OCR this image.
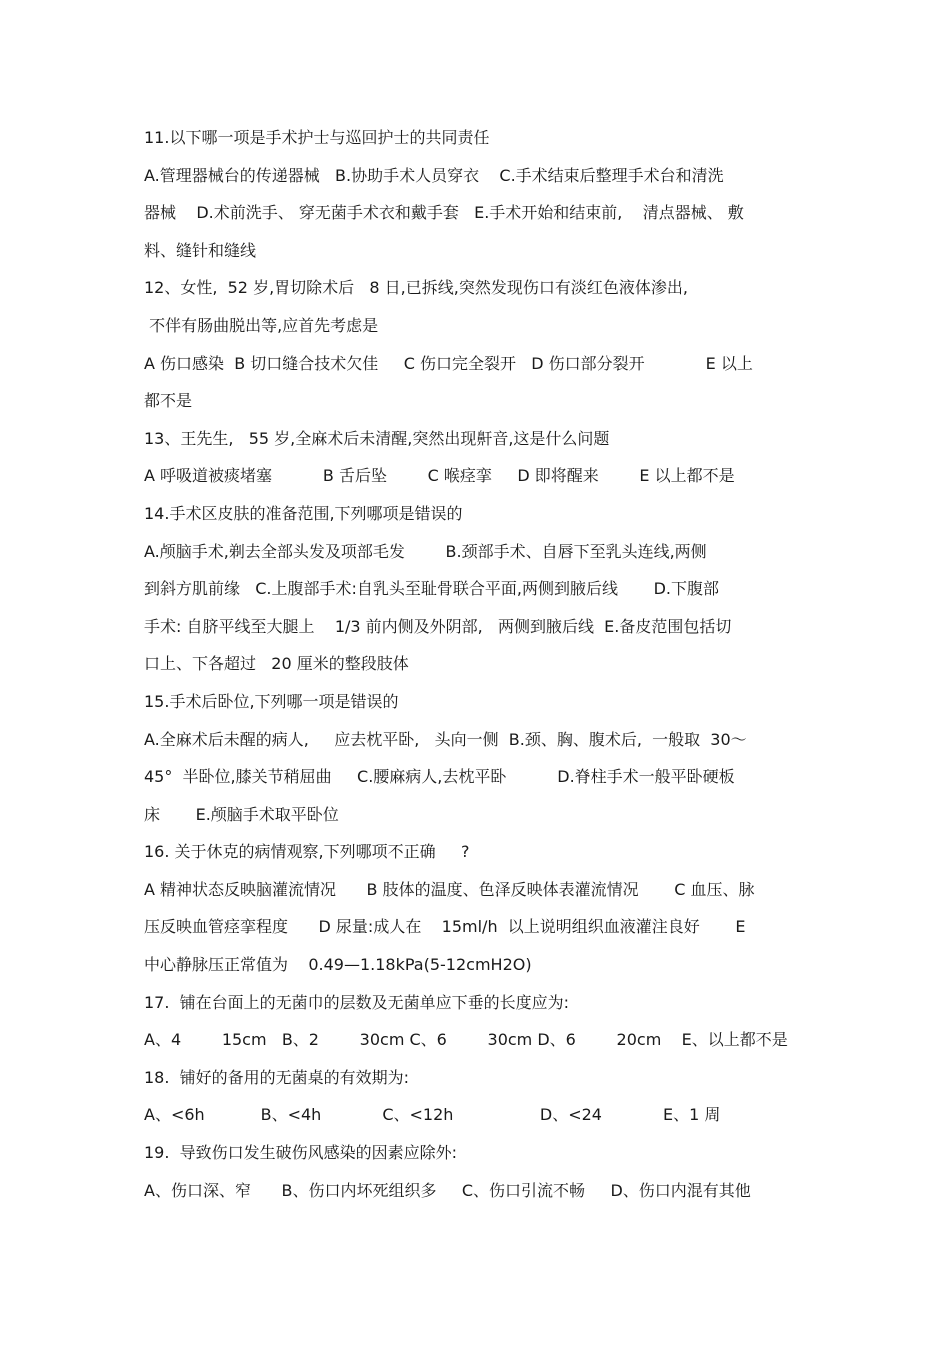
11.以下哪一项是手术护士与巡回护士的共同责任
A.管理器械台的传递器械   B.协助手术人员穿衣    C.手术结束后整理手术台和清洗
器械    D.术前洗手、 穿无菌手术衣和戴手套   E.手术开始和结束前,    清点器械、 敷
料、缝针和缝线
12、女性,  52 岁,胃切除术后   8 日,已拆线,突然发现伤口有淡红色液体渗出,
不伴有肠曲脱出等,应首先考虑是
A 伤口感染  B 切口缝合技术欠佳     C 伤口完全裂开   D 伤口部分裂开            E 以上
都不是
13、王先生,   55 岁,全麻术后未清醒,突然出现鼾音,这是什么问题
A 呼吸道被痰堵塞          B 舌后坠        C 喉痉挛     D 即将醒来        E 以上都不是
14.手术区皮肤的准备范围,下列哪项是错误的
A.颅脑手术,剃去全部头发及项部毛发        B.颈部手术、自唇下至乳头连线,两侧
到斜方肌前缘   C.上腹部手术:自乳头至耻骨联合平面,两侧到腋后线       D.下腹部
手术: 自脐平线至大腿上    1/3 前内侧及外阴部,   两侧到腋后线  E.备皮范围包括切
口上、下各超过   20 厘米的整段肢体
15.手术后卧位,下列哪一项是错误的
A.全麻术后未醒的病人,     应去枕平卧,   头向一侧  B.颈、胸、腹术后,  一般取  30～
45°  半卧位,膝关节稍屈曲     C.腰麻病人,去枕平卧          D.脊柱手术一般平卧硬板
床       E.颅脑手术取平卧位
16. 关于休克的病情观察,下列哪项不正确     ?
A 精神状态反映脑灌流情况      B 肢体的温度、色泽反映体表灌流情况       C 血压、脉
压反映血管痉挛程度      D 尿量:成人在    15ml/h  以上说明组织血液灌注良好       E
中心静脉压正常值为    0.49—1.18kPa(5-12cmH2O)
17.  铺在台面上的无菌巾的层数及无菌单应下垂的长度应为:
A、4        15cm   B、2        30cm C、6        30cm D、6        20cm    E、以上都不是
18.  铺好的备用的无菌桌的有效期为:
A、<6h           B、<4h            C、<12h                 D、<24            E、1 周
19.  导致伤口发生破伤风感染的因素应除外:
A、伤口深、窄      B、伤口内坏死组织多     C、伤口引流不畅     D、伤口内混有其他
